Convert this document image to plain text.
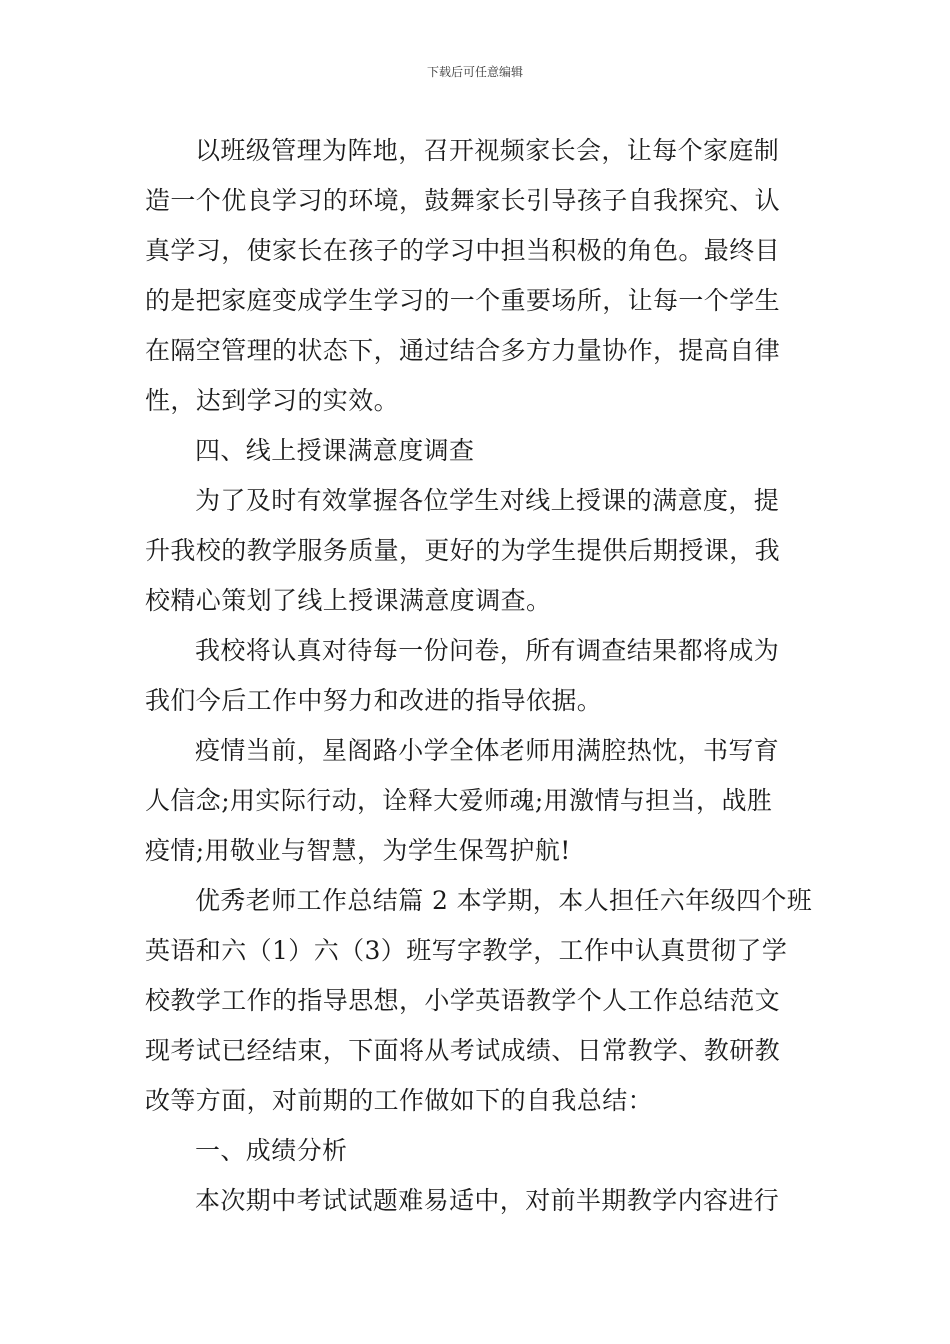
下载后可任意编辑
以班级管理为阵地，召开视频家长会，让每个家庭制
造一个优良学习的环境，鼓舞家长引导孩子自我探究、认
真学习，使家长在孩子的学习中担当积极的角色。最终目
的是把家庭变成学生学习的一个重要场所，让每一个学生
在隔空管理的状态下，通过结合多方力量协作，提高自律
性，达到学习的实效。
四、线上授课满意度调查
为了及时有效掌握各位学生对线上授课的满意度，提
升我校的教学服务质量，更好的为学生提供后期授课，我
校精心策划了线上授课满意度调查。
我校将认真对待每一份问卷，所有调查结果都将成为
我们今后工作中努力和改进的指导依据。
疫情当前，星阁路小学全体老师用满腔热忱，书写育
人信念;用实际行动，诠释大爱师魂;用激情与担当，战胜
疫情;用敬业与智慧，为学生保驾护航!
优秀老师工作总结篇 2 本学期，本人担任六年级四个班
英语和六（1）六（3）班写字教学，工作中认真贯彻了学
校教学工作的指导思想，小学英语教学个人工作总结范文
现考试已经结束，下面将从考试成绩、日常教学、教研教
改等方面，对前期的工作做如下的自我总结：
一、成绩分析
本次期中考试试题难易适中，对前半期教学内容进行
